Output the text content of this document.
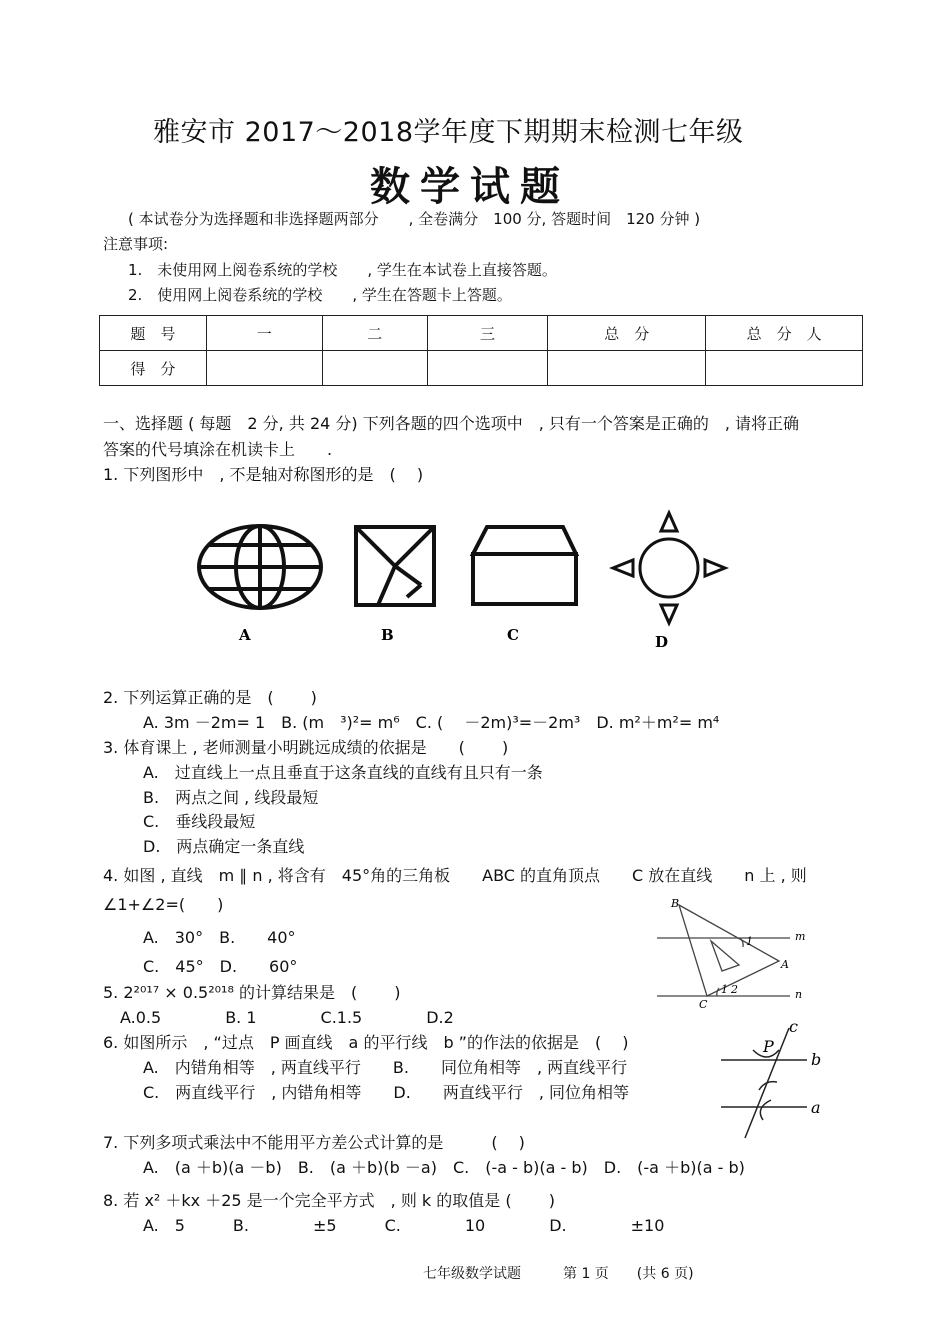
雅安市 2017～2018学年度下期期末检测七年级
数学试题
( 本试卷分为选择题和非选择题两部分　　, 全卷满分　100 分, 答题时间　120 分钟 )
注意事项:
1.　未使用网上阅卷系统的学校　　, 学生在本试卷上直接答题。
2.　使用网上阅卷系统的学校　　, 学生在答题卡上答题。
题　号	一	二	三	总　分	总　分　人
得　分					
一、选择题 ( 每题　2 分, 共 24 分) 下列各题的四个选项中　, 只有一个答案是正确的　, 请将正确
答案的代号填涂在机读卡上　　.
1. 下列图形中　, 不是轴对称图形的是　(　 )
A	B	C	D
2. 下列运算正确的是　(　　 )
A. 3m －2m= 1　B. (m　³)²= m⁶　C. (　 －2m)³=－2m³　D. m²＋m²= m⁴
3. 体育课上 , 老师测量小明跳远成绩的依据是　　(　　 )
A.　过直线上一点且垂直于这条直线的直线有且只有一条
B.　两点之间 , 线段最短
C.　垂线段最短
D.　两点确定一条直线
4. 如图 , 直线　m ∥ n , 将含有　45°角的三角板　　ABC 的直角顶点　　C 放在直线　　n 上 , 则
∠1+∠2=(　　)
A.　30°　B.　　40°
C.　45°　D.　　60°
B
1	m
A
C
1 2	n
5. 2²⁰¹⁷ × 0.5²⁰¹⁸ 的计算结果是　(　　 )
A.0.5　　　　B. 1　　　　C.1.5　　　　D.2
6. 如图所示　, “过点　P 画直线　a 的平行线　b ”的作法的依据是　(　 )
A.　内错角相等　, 两直线平行　　B.　　同位角相等　, 两直线平行
C.　两直线平行　, 内错角相等　　D.　　两直线平行　, 同位角相等
c
P
b
a
7. 下列多项式乘法中不能用平方差公式计算的是　　　(　 )
A.　(a ＋b)(a －b)　B.　(a ＋b)(b －a)　C.　(-a - b)(a - b)　D.　(-a ＋b)(a - b)
8. 若 x² ＋kx ＋25 是一个完全平方式　, 则 k 的取值是 (　　 )
A.　5　　　B.　　　　±5　　　C.　　　　10　　　　D.　　　　±10
七年级数学试题　　　第 1 页　　(共 6 页)
